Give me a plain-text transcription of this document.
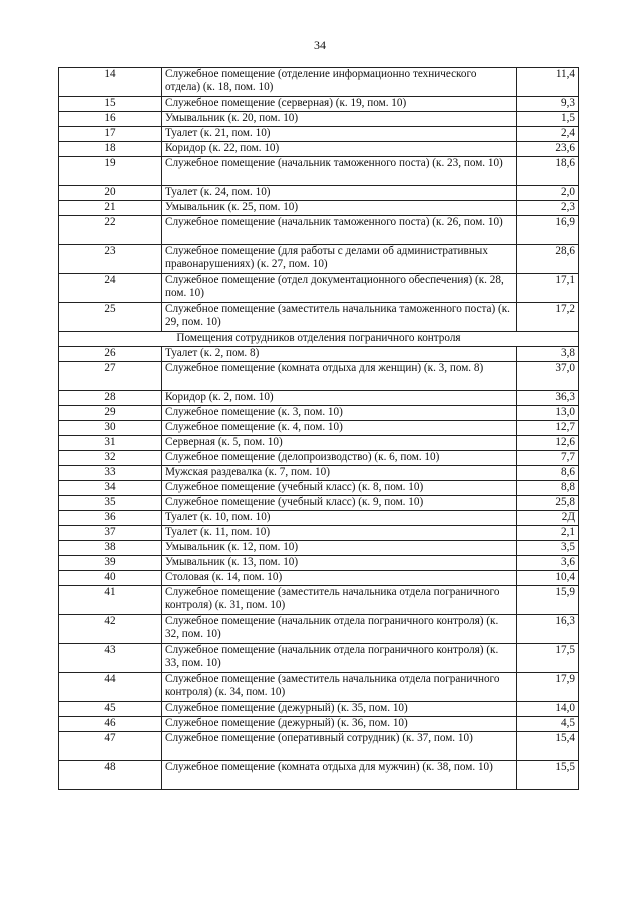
34
14	Служебное помещение (отделение информационно технического отдела) (к. 18, пом. 10)	11,4
15	Служебное помещение (серверная) (к. 19, пом. 10)	9,3
16	Умывальник (к. 20, пом. 10)	1,5
17	Туалет (к. 21, пом. 10)	2,4
18	Коридор (к. 22, пом. 10)	23,6
19	Служебное помещение (начальник таможенного поста) (к. 23, пом. 10)	18,6
20	Туалет (к. 24, пом. 10)	2,0
21	Умывальник (к. 25, пом. 10)	2,3
22	Служебное помещение (начальник таможенного поста) (к. 26, пом. 10)	16,9
23	Служебное помещение (для работы с делами об административных правонарушениях) (к. 27, пом. 10)	28,6
24	Служебное помещение (отдел документационного обеспечения) (к. 28, пом. 10)	17,1
25	Служебное помещение (заместитель начальника таможенного поста) (к. 29, пом. 10)	17,2
Помещения сотрудников отделения пограничного контроля		
26	Туалет (к. 2, пом. 8)	3,8
27	Служебное помещение (комната отдыха для женщин) (к. 3, пом. 8)	37,0
28	Коридор (к. 2, пом. 10)	36,3
29	Служебное помещение (к. 3, пом. 10)	13,0
30	Служебное помещение (к. 4, пом. 10)	12,7
31	Серверная (к. 5, пом. 10)	12,6
32	Служебное помещение (делопроизводство) (к. 6, пом. 10)	7,7
33	Мужская раздевалка (к. 7, пом. 10)	8,6
34	Служебное помещение (учебный класс) (к. 8, пом. 10)	8,8
35	Служебное помещение (учебный класс) (к. 9, пом. 10)	25,8
36	Туалет (к. 10, пом. 10)	2Д
37	Туалет (к. 11, пом. 10)	2,1
38	Умывальник (к. 12, пом. 10)	3,5
39	Умывальник (к. 13, пом. 10)	3,6
40	Столовая (к. 14, пом. 10)	10,4
41	Служебное помещение (заместитель начальника отдела пограничного контроля) (к. 31, пом. 10)	15,9
42	Служебное помещение (начальник отдела пограничного контроля) (к. 32, пом. 10)	16,3
43	Служебное помещение (начальник отдела пограничного контроля) (к. 33, пом. 10)	17,5
44	Служебное помещение (заместитель начальника отдела пограничного контроля) (к. 34, пом. 10)	17,9
45	Служебное помещение (дежурный) (к. 35, пом. 10)	14,0
46	Служебное помещение (дежурный) (к. 36, пом. 10)	4,5
47	Служебное помещение (оперативный сотрудник) (к. 37, пом. 10)	15,4
48	Служебное помещение (комната отдыха для мужчин) (к. 38, пом. 10)	15,5
